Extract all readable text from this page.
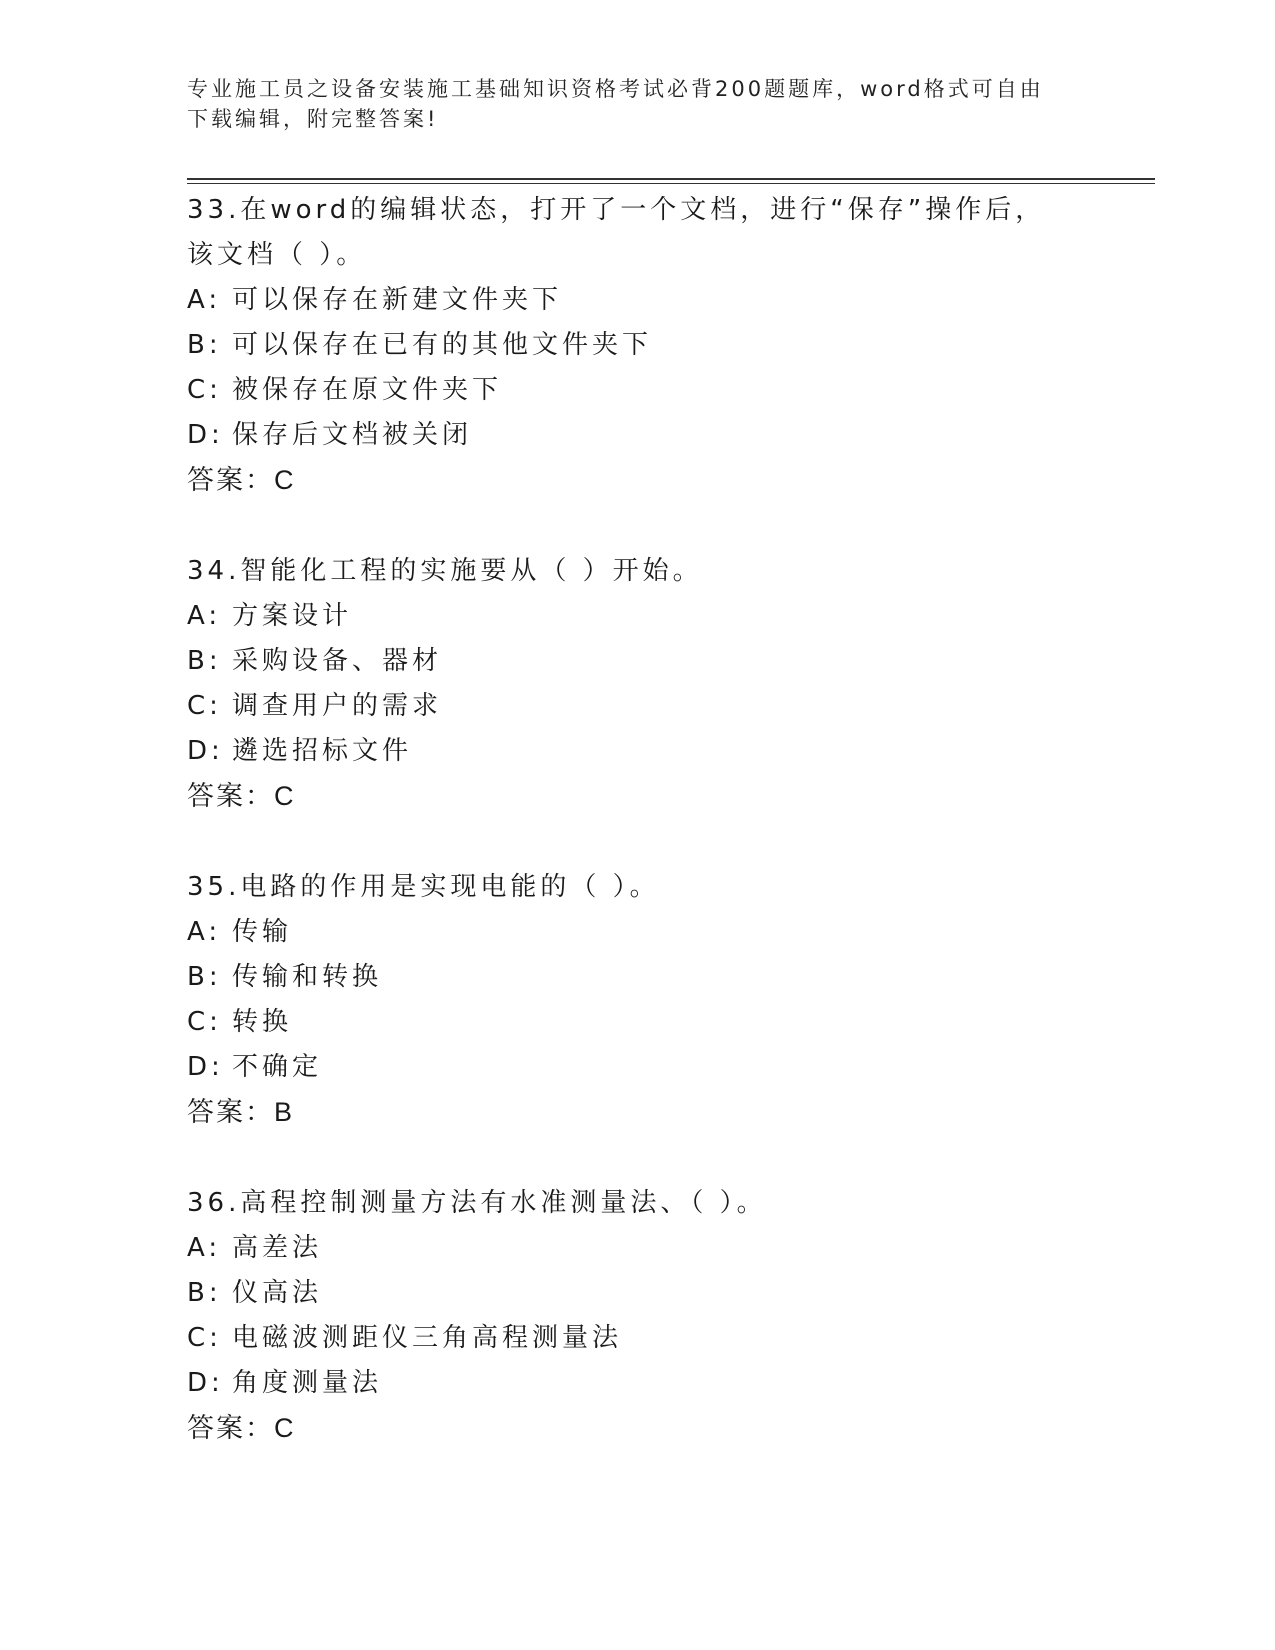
专业施工员之设备安装施工基础知识资格考试必背200题题库，word格式可自由下载编辑，附完整答案!
33.在word的编辑状态，打开了一个文档，进行“保存”操作后，该文档（ ）。
A: 可以保存在新建文件夹下
B: 可以保存在已有的其他文件夹下
C: 被保存在原文件夹下
D: 保存后文档被关闭
答案：C
34.智能化工程的实施要从（ ）开始。
A: 方案设计
B: 采购设备、器材
C: 调查用户的需求
D: 遴选招标文件
答案：C
35.电路的作用是实现电能的（ ）。
A: 传输
B: 传输和转换
C: 转换
D: 不确定
答案：B
36.高程控制测量方法有水准测量法、（ ）。
A: 高差法
B: 仪高法
C: 电磁波测距仪三角高程测量法
D: 角度测量法
答案：C
